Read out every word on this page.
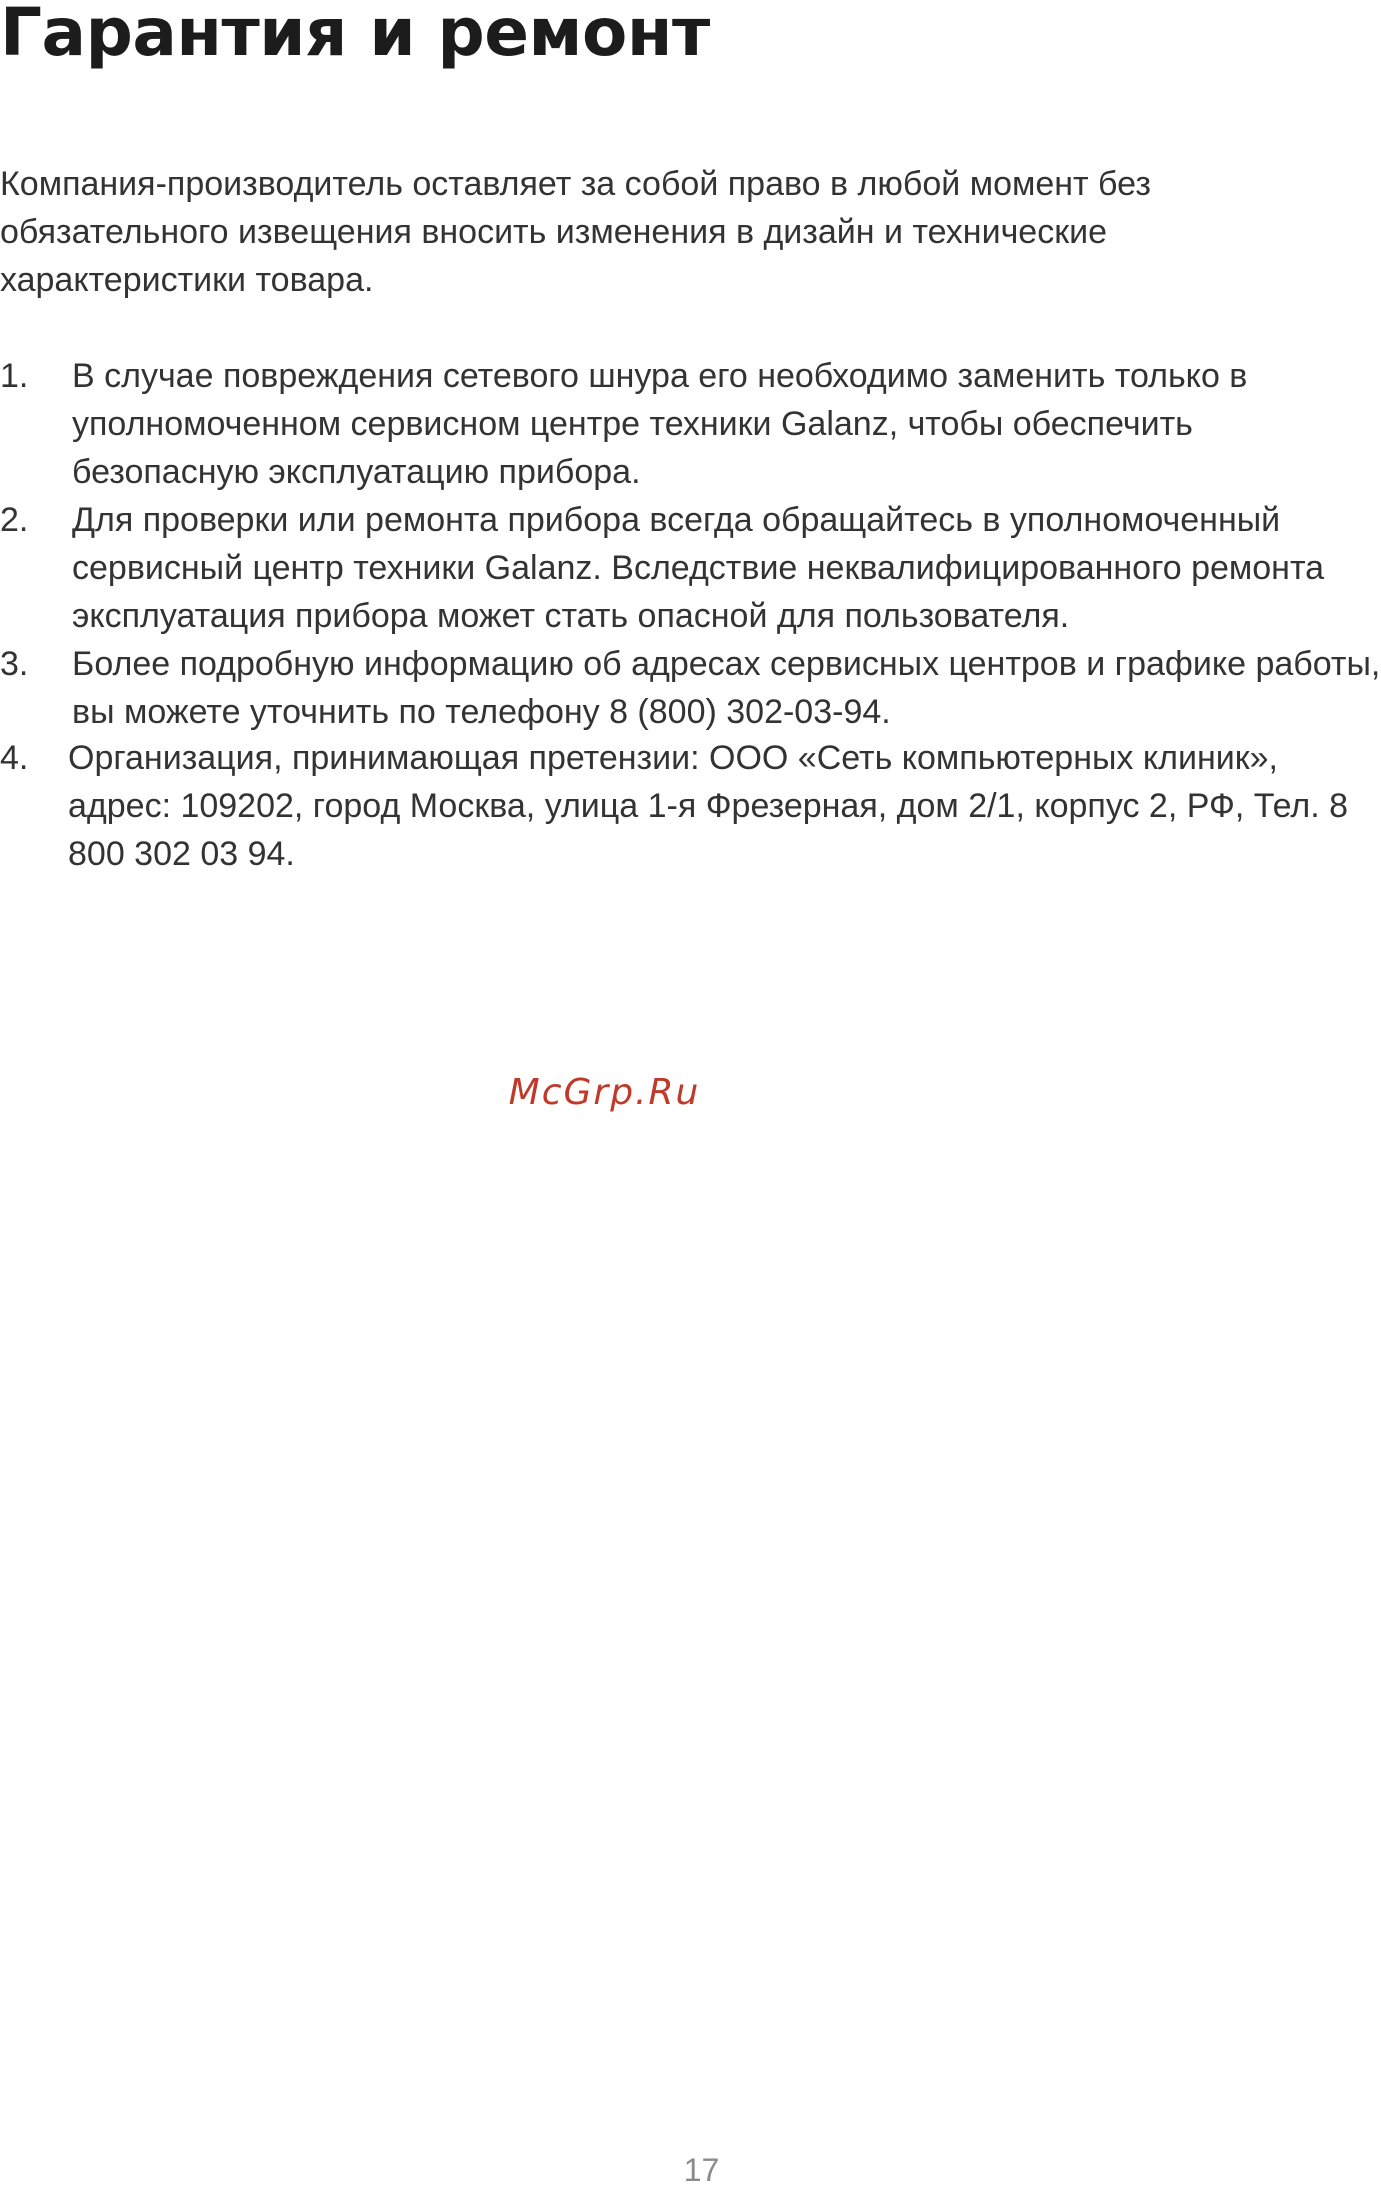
Гарантия и ремонт

Компания-производитель оставляет за собой право в любой момент без обязательного извещения вносить изменения в дизайн и технические характеристики товара.

1.	В случае повреждения сетевого шнура его необходимо заменить только в уполномоченном сервисном центре техники Galanz, чтобы обеспечить безопасную эксплуатацию прибора.
2.	Для проверки или ремонта прибора всегда обращайтесь в уполномоченный сервисный центр техники Galanz. Вследствие неквалифицированного ремонта эксплуатация прибора может стать опасной для пользователя.
3.	Более подробную информацию об адресах сервисных центров и графике работы, вы можете уточнить по телефону 8 (800) 302-03-94.
4.	Организация, принимающая претензии: ООО «Сеть компьютерных клиник», адрес: 109202, город Москва, улица 1-я Фрезерная, дом 2/1, корпус 2, РФ, Тел. 8 800 302 03 94.
McGrp.Ru
17
